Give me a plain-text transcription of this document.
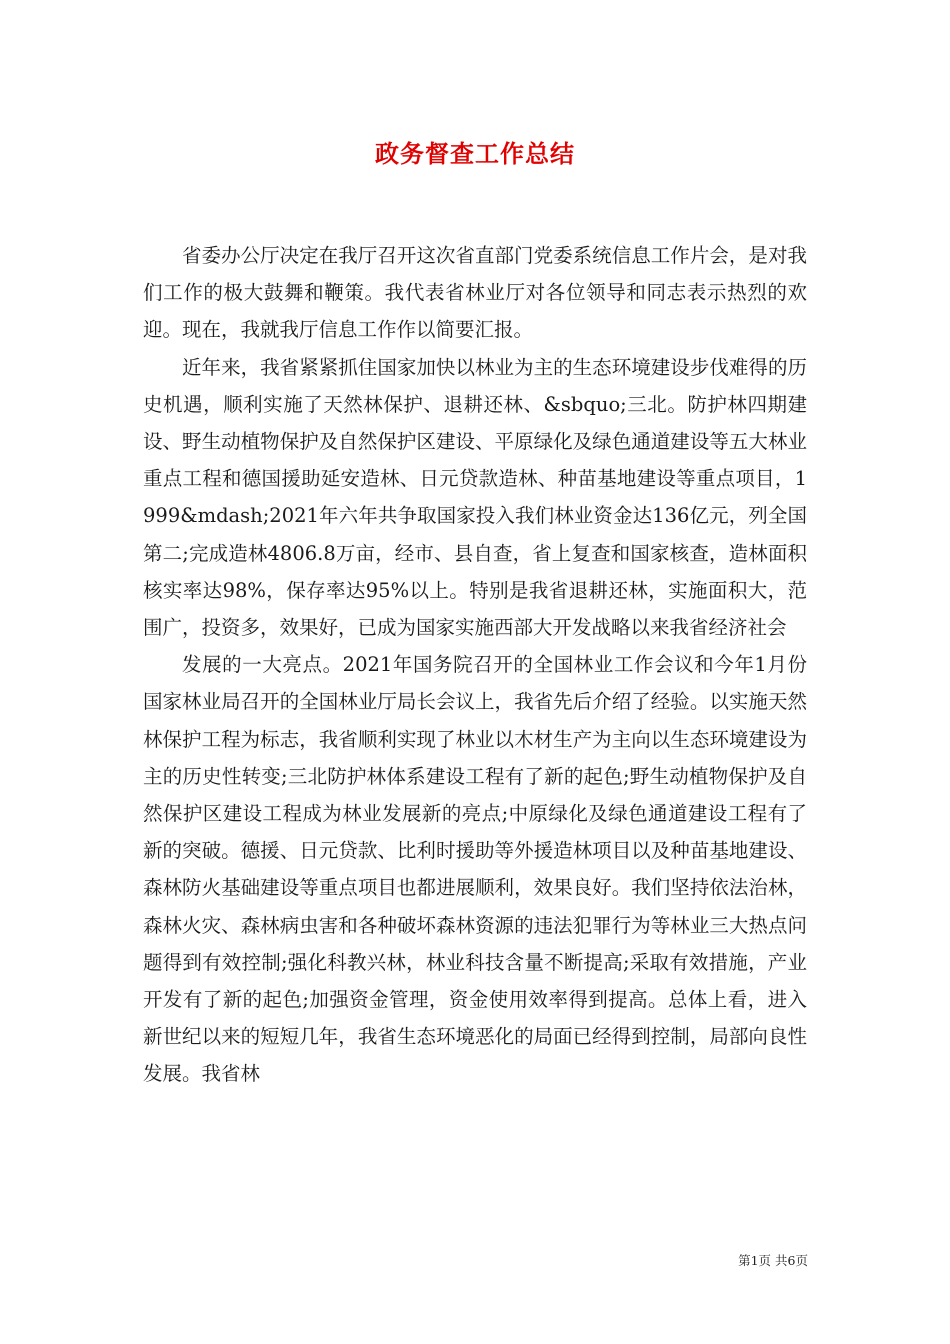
政务督查工作总结

省委办公厅决定在我厅召开这次省直部门党委系统信息工作片会，是对我们工作的极大鼓舞和鞭策。我代表省林业厅对各位领导和同志表示热烈的欢迎。现在，我就我厅信息工作作以简要汇报。

近年来，我省紧紧抓住国家加快以林业为主的生态环境建设步伐难得的历史机遇，顺利实施了天然林保护、退耕还林、&sbquo;三北。防护林四期建设、野生动植物保护及自然保护区建设、平原绿化及绿色通道建设等五大林业重点工程和德国援助延安造林、日元贷款造林、种苗基地建设等重点项目，1999&mdash;2021年六年共争取国家投入我们林业资金达136亿元，列全国第二;完成造林4806.8万亩，经市、县自查，省上复查和国家核查，造林面积核实率达98%，保存率达95%以上。特别是我省退耕还林，实施面积大，范围广，投资多，效果好，已成为国家实施西部大开发战略以来我省经济社会

发展的一大亮点。2021年国务院召开的全国林业工作会议和今年1月份国家林业局召开的全国林业厅局长会议上，我省先后介绍了经验。以实施天然林保护工程为标志，我省顺利实现了林业以木材生产为主向以生态环境建设为主的历史性转变;三北防护林体系建设工程有了新的起色;野生动植物保护及自然保护区建设工程成为林业发展新的亮点;中原绿化及绿色通道建设工程有了新的突破。德援、日元贷款、比利时援助等外援造林项目以及种苗基地建设、森林防火基础建设等重点项目也都进展顺利，效果良好。我们坚持依法治林，森林火灾、森林病虫害和各种破坏森林资源的违法犯罪行为等林业三大热点问题得到有效控制;强化科教兴林，林业科技含量不断提高;采取有效措施，产业开发有了新的起色;加强资金管理，资金使用效率得到提高。总体上看，进入新世纪以来的短短几年，我省生态环境恶化的局面已经得到控制，局部向良性发展。我省林

第1页 共6页
